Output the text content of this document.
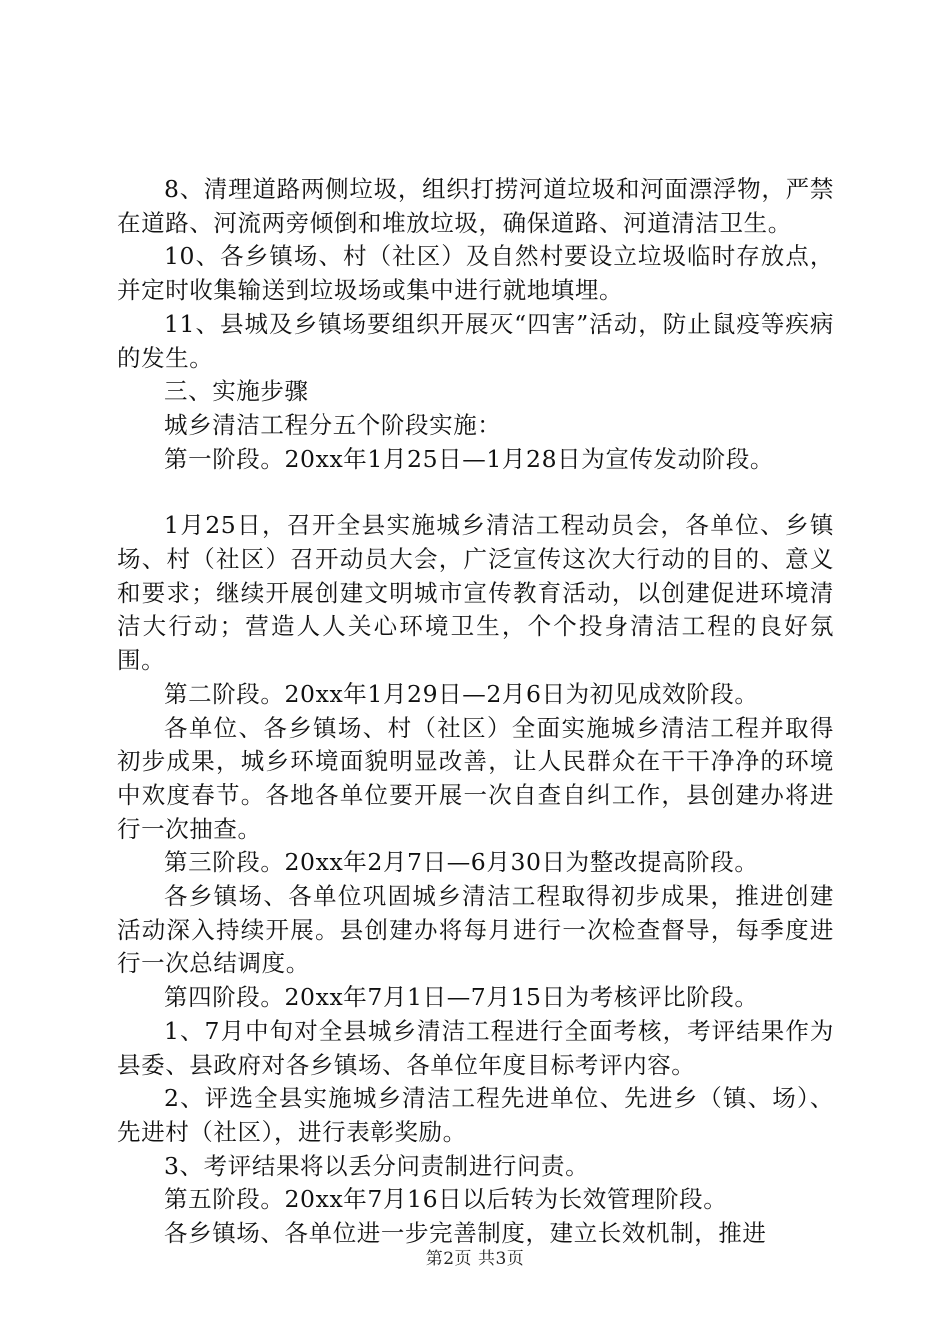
8、清理道路两侧垃圾，组织打捞河道垃圾和河面漂浮物，严禁在道路、河流两旁倾倒和堆放垃圾，确保道路、河道清洁卫生。

10、各乡镇场、村（社区）及自然村要设立垃圾临时存放点，并定时收集输送到垃圾场或集中进行就地填埋。

11、县城及乡镇场要组织开展灭“四害”活动，防止鼠疫等疾病的发生。

三、实施步骤

城乡清洁工程分五个阶段实施：

第一阶段。20xx年1月25日—1月28日为宣传发动阶段。

1月25日，召开全县实施城乡清洁工程动员会，各单位、乡镇场、村（社区）召开动员大会，广泛宣传这次大行动的目的、意义和要求；继续开展创建文明城市宣传教育活动，以创建促进环境清洁大行动；营造人人关心环境卫生，个个投身清洁工程的良好氛围。

第二阶段。20xx年1月29日—2月6日为初见成效阶段。

各单位、各乡镇场、村（社区）全面实施城乡清洁工程并取得初步成果，城乡环境面貌明显改善，让人民群众在干干净净的环境中欢度春节。各地各单位要开展一次自查自纠工作，县创建办将进行一次抽查。

第三阶段。20xx年2月7日—6月30日为整改提高阶段。

各乡镇场、各单位巩固城乡清洁工程取得初步成果，推进创建活动深入持续开展。县创建办将每月进行一次检查督导，每季度进行一次总结调度。

第四阶段。20xx年7月1日—7月15日为考核评比阶段。

1、7月中旬对全县城乡清洁工程进行全面考核，考评结果作为县委、县政府对各乡镇场、各单位年度目标考评内容。

2、评选全县实施城乡清洁工程先进单位、先进乡（镇、场）、先进村（社区），进行表彰奖励。

3、考评结果将以丢分问责制进行问责。

第五阶段。20xx年7月16日以后转为长效管理阶段。

各乡镇场、各单位进一步完善制度，建立长效机制，推进

第2页 共3页
